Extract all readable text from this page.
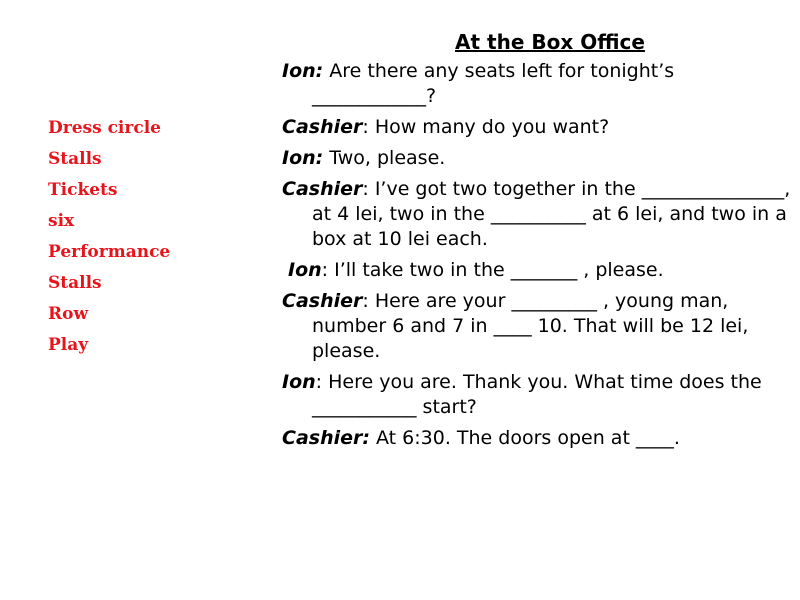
Dress circle
Stalls
Tickets
six
Performance
Stalls
Row
Play
At the Box Office

Ion: Are there any seats left for tonight’s ____________?

Cashier: How many do you want?

Ion: Two, please.

Cashier: I’ve got two together in the _______________, at 4 lei, two in the __________ at 6 lei, and two in a box at 10 lei each.

Ion: I’ll take two in the _______ , please.

Cashier: Here are your _________ , young man, number 6 and 7 in ____ 10. That will be 12 lei, please.

Ion: Here you are. Thank you. What time does the ___________ start?

Cashier: At 6:30. The doors open at ____.
